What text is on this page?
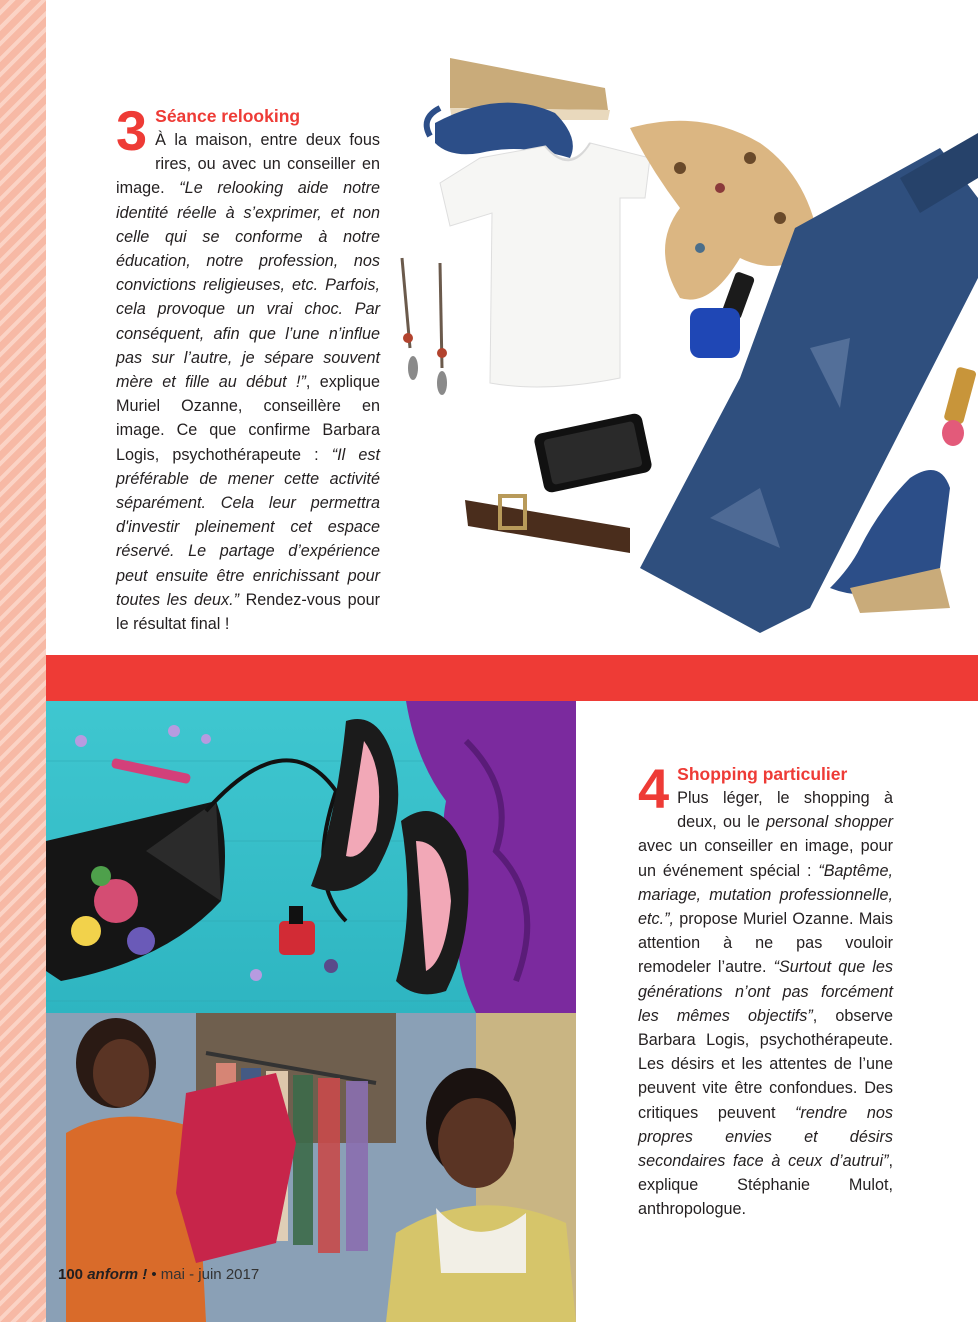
3 Séance relooking
À la maison, entre deux fous rires, ou avec un conseiller en image. “Le relooking aide notre identité réelle à s’exprimer, et non celle qui se conforme à notre éducation, notre profession, nos convictions religieuses, etc. Parfois, cela provoque un vrai choc. Par conséquent, afin que l’une n’influe pas sur l’autre, je sépare souvent mère et fille au début !”, explique Muriel Ozanne, conseillère en image. Ce que confirme Barbara Logis, psychothérapeute : “Il est préférable de mener cette activité séparément. Cela leur permettra d'investir pleinement cet espace réservé. Le partage d’expérience peut ensuite être enrichissant pour toutes les deux.” Rendez-vous pour le résultat final !
4 Shopping particulier
Plus léger, le shopping à deux, ou le personal shopper avec un conseiller en image, pour un événement spécial : “Baptême, mariage, mutation professionnelle, etc.”, propose Muriel Ozanne. Mais attention à ne pas vouloir remodeler l’autre. “Surtout que les générations n’ont pas forcément les mêmes objectifs”, observe Barbara Logis, psychothérapeute. Les désirs et les attentes de l’une peuvent vite être confondues. Des critiques peuvent “rendre nos propres envies et désirs secondaires face à ceux d’autrui”, explique Stéphanie Mulot, anthropologue.
100 anform ! • mai - juin 2017
